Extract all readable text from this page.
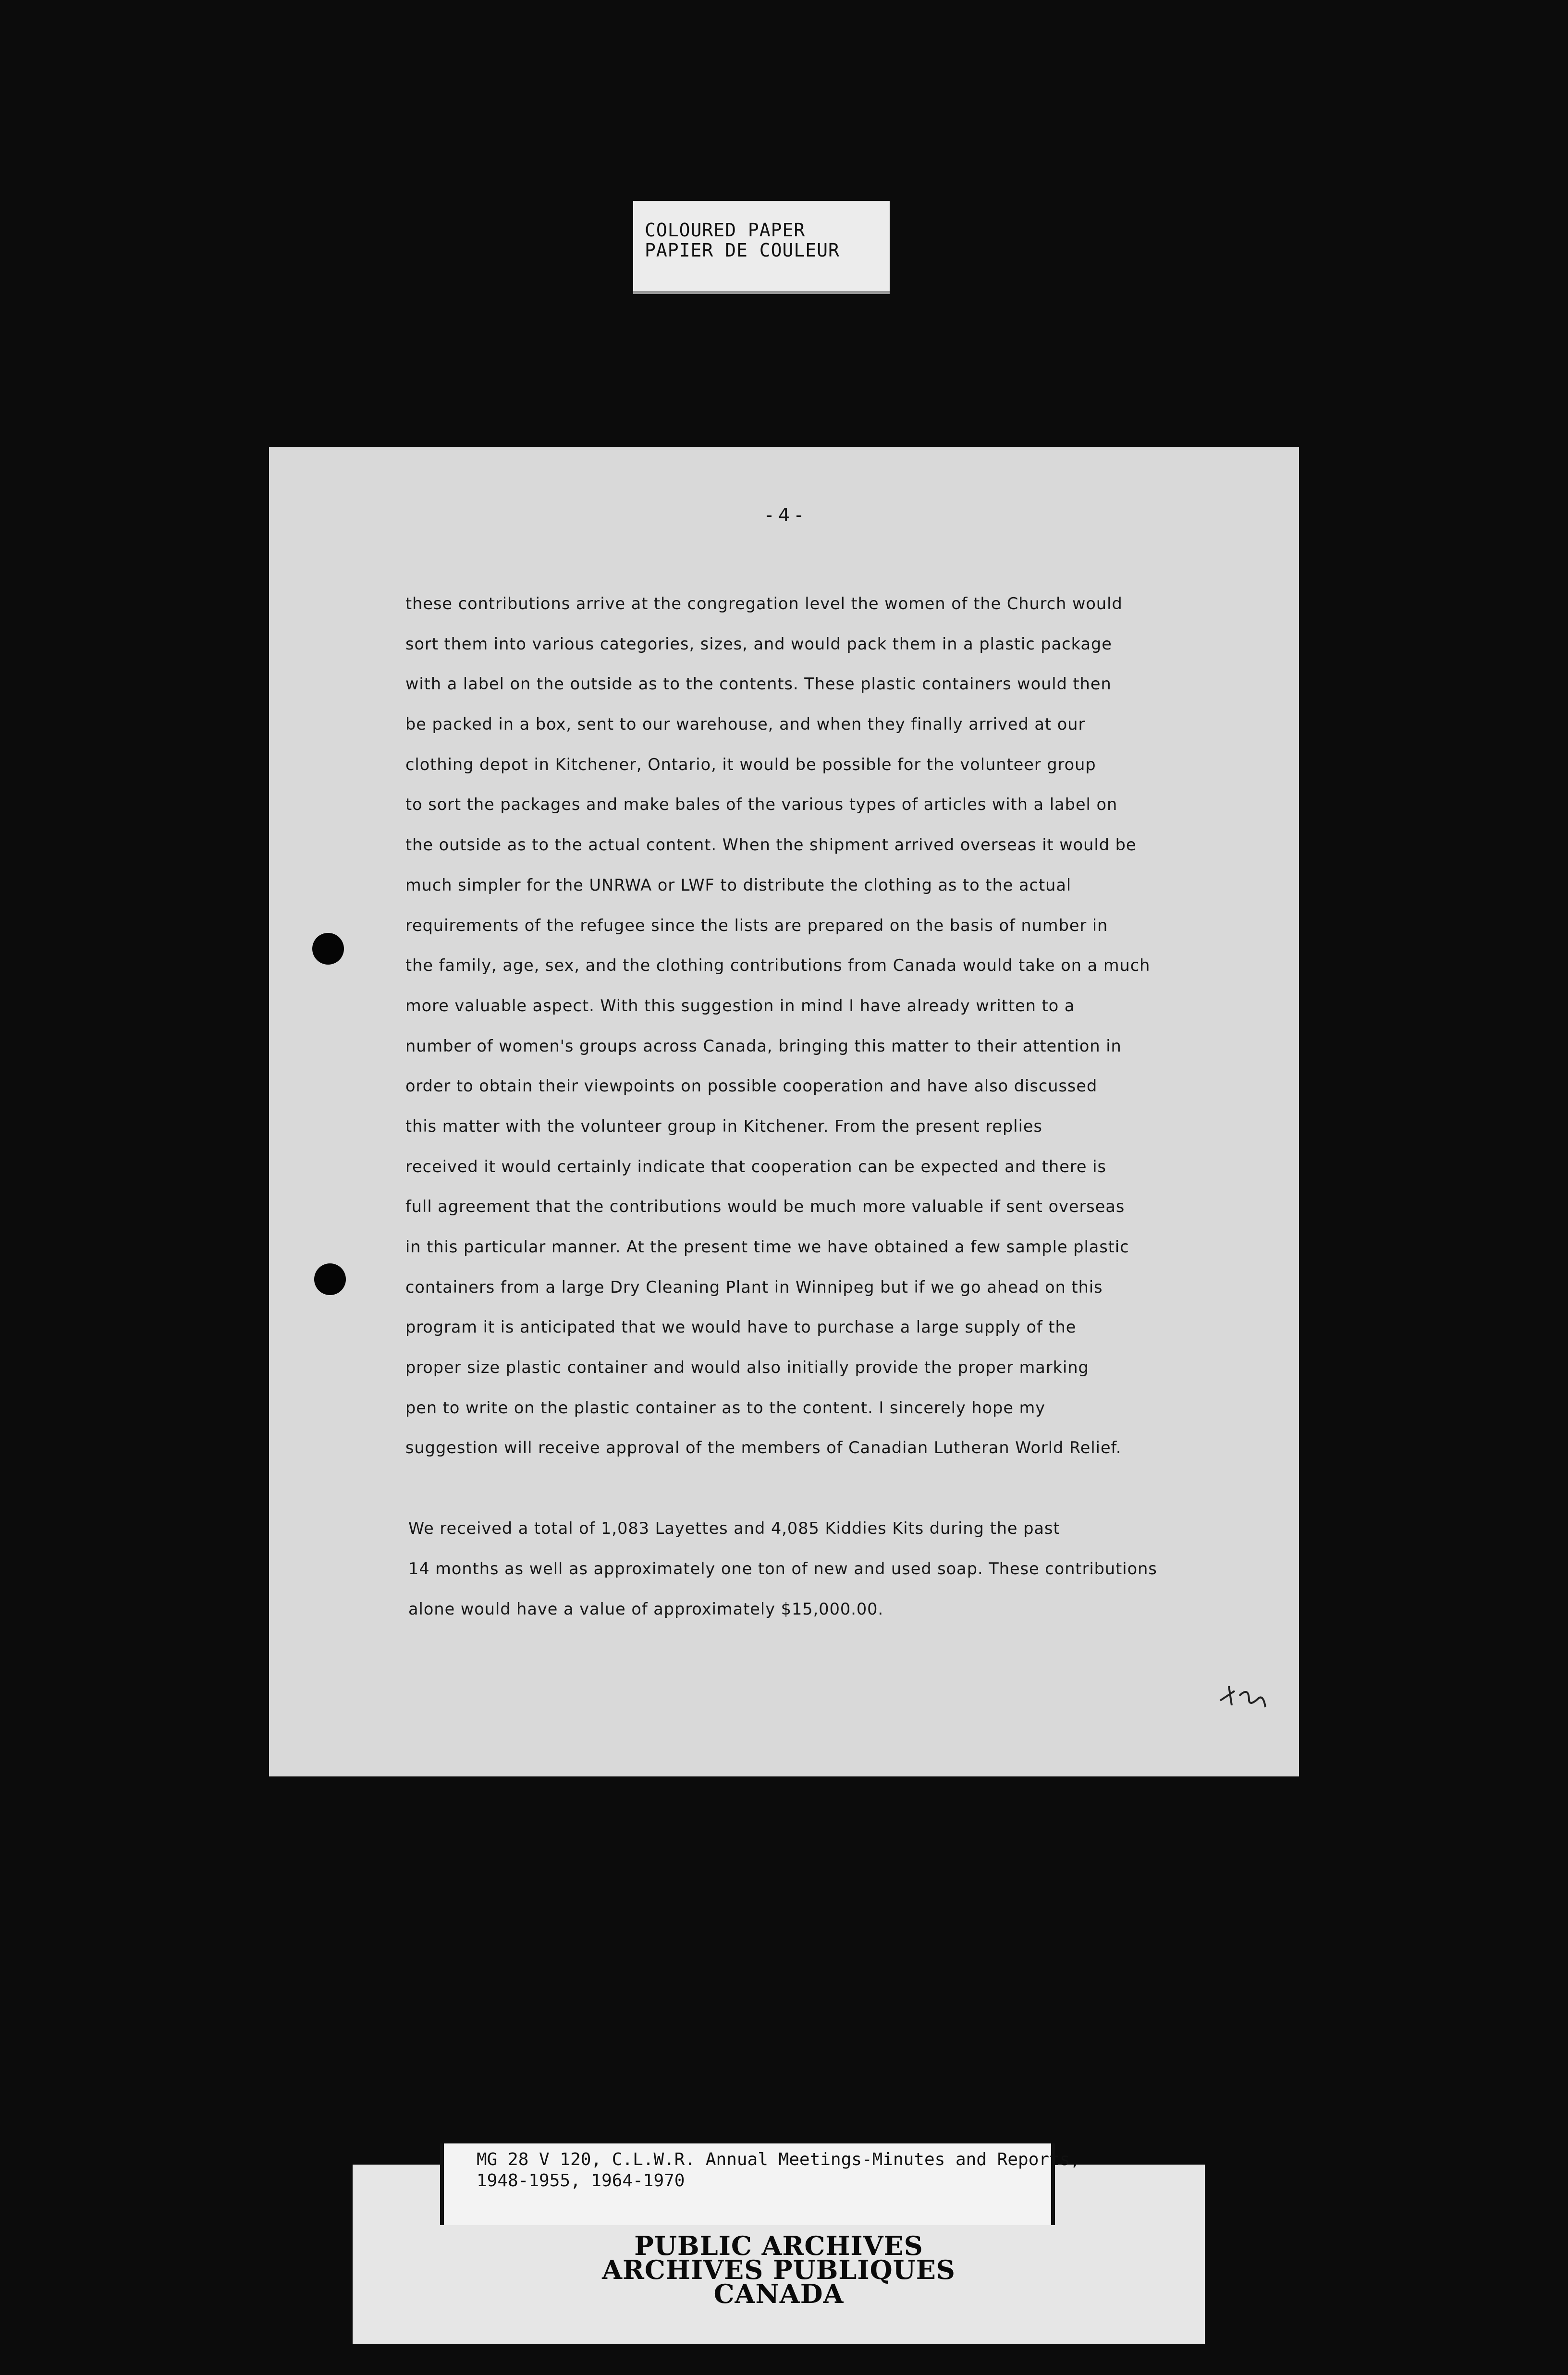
COLOURED PAPER
PAPIER DE COULEUR
- 4 -
these contributions arrive at the congregation level the women of the Church would
sort them into various categories, sizes, and would pack them in a plastic package
with a label on the outside as to the contents. These plastic containers would then
be packed in a box, sent to our warehouse, and when they finally arrived at our
clothing depot in Kitchener, Ontario, it would be possible for the volunteer group
to sort the packages and make bales of the various types of articles with a label on
the outside as to the actual content. When the shipment arrived overseas it would be
much simpler for the UNRWA or LWF to distribute the clothing as to the actual
requirements of the refugee since the lists are prepared on the basis of number in
the family, age, sex, and the clothing contributions from Canada would take on a much
more valuable aspect. With this suggestion in mind I have already written to a
number of women's groups across Canada, bringing this matter to their attention in
order to obtain their viewpoints on possible cooperation and have also discussed
this matter with the volunteer group in Kitchener. From the present replies
received it would certainly indicate that cooperation can be expected and there is
full agreement that the contributions would be much more valuable if sent overseas
in this particular manner. At the present time we have obtained a few sample plastic
containers from a large Dry Cleaning Plant in Winnipeg but if we go ahead on this
program it is anticipated that we would have to purchase a large supply of the
proper size plastic container and would also initially provide the proper marking
pen to write on the plastic container as to the content. I sincerely hope my
suggestion will receive approval of the members of Canadian Lutheran World Relief.
We received a total of 1,083 Layettes and 4,085 Kiddies Kits during the past
14 months as well as approximately one ton of new and used soap. These contributions
alone would have a value of approximately $15,000.00.
MG 28 V 120, C.L.W.R. Annual Meetings-Minutes and Reports,
1948-1955, 1964-1970
PUBLIC ARCHIVES
ARCHIVES PUBLIQUES
CANADA
